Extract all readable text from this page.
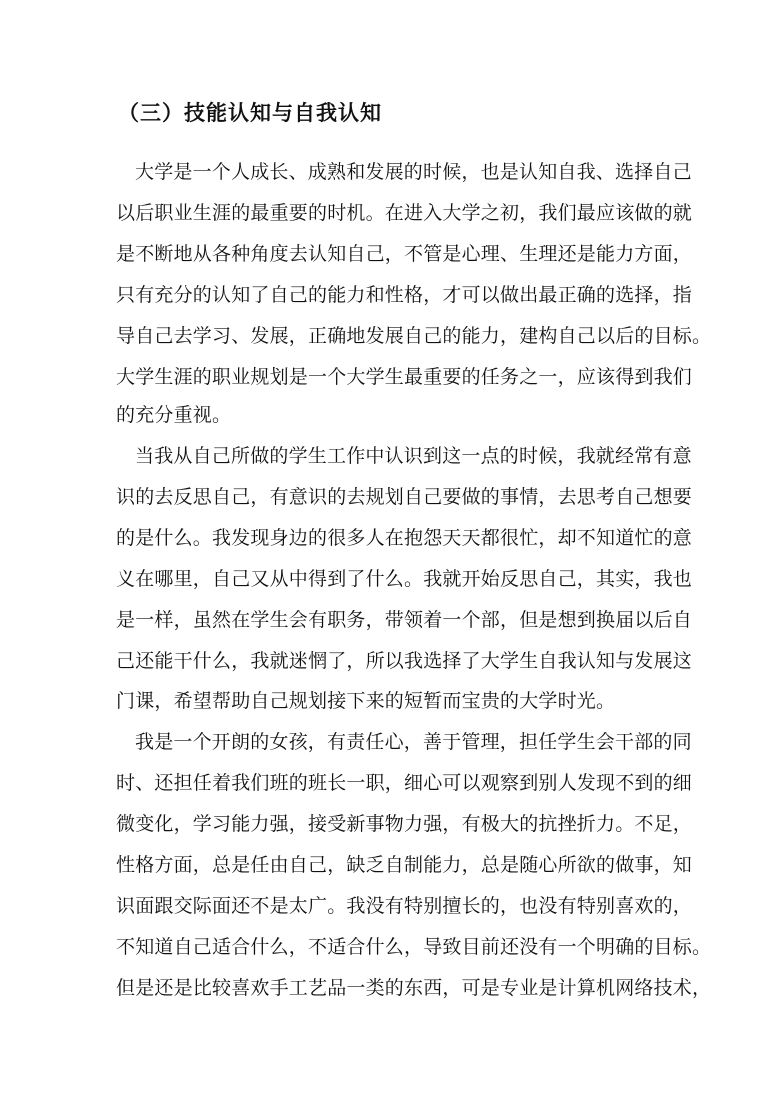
（三）技能认知与自我认知
大学是一个人成长、成熟和发展的时候，也是认知自我、选择自己
以后职业生涯的最重要的时机。在进入大学之初，我们最应该做的就
是不断地从各种角度去认知自己，不管是心理、生理还是能力方面，
只有充分的认知了自己的能力和性格，才可以做出最正确的选择，指
导自己去学习、发展，正确地发展自己的能力，建构自己以后的目标。
大学生涯的职业规划是一个大学生最重要的任务之一，应该得到我们
的充分重视。
当我从自己所做的学生工作中认识到这一点的时候，我就经常有意
识的去反思自己，有意识的去规划自己要做的事情，去思考自己想要
的是什么。我发现身边的很多人在抱怨天天都很忙，却不知道忙的意
义在哪里，自己又从中得到了什么。我就开始反思自己，其实，我也
是一样，虽然在学生会有职务，带领着一个部，但是想到换届以后自
己还能干什么，我就迷惘了，所以我选择了大学生自我认知与发展这
门课，希望帮助自己规划接下来的短暂而宝贵的大学时光。
我是一个开朗的女孩，有责任心，善于管理，担任学生会干部的同
时、还担任着我们班的班长一职，细心可以观察到别人发现不到的细
微变化，学习能力强，接受新事物力强，有极大的抗挫折力。不足，
性格方面，总是任由自己，缺乏自制能力，总是随心所欲的做事，知
识面跟交际面还不是太广。我没有特别擅长的，也没有特别喜欢的，
不知道自己适合什么，不适合什么，导致目前还没有一个明确的目标。
但是还是比较喜欢手工艺品一类的东西，可是专业是计算机网络技术，
